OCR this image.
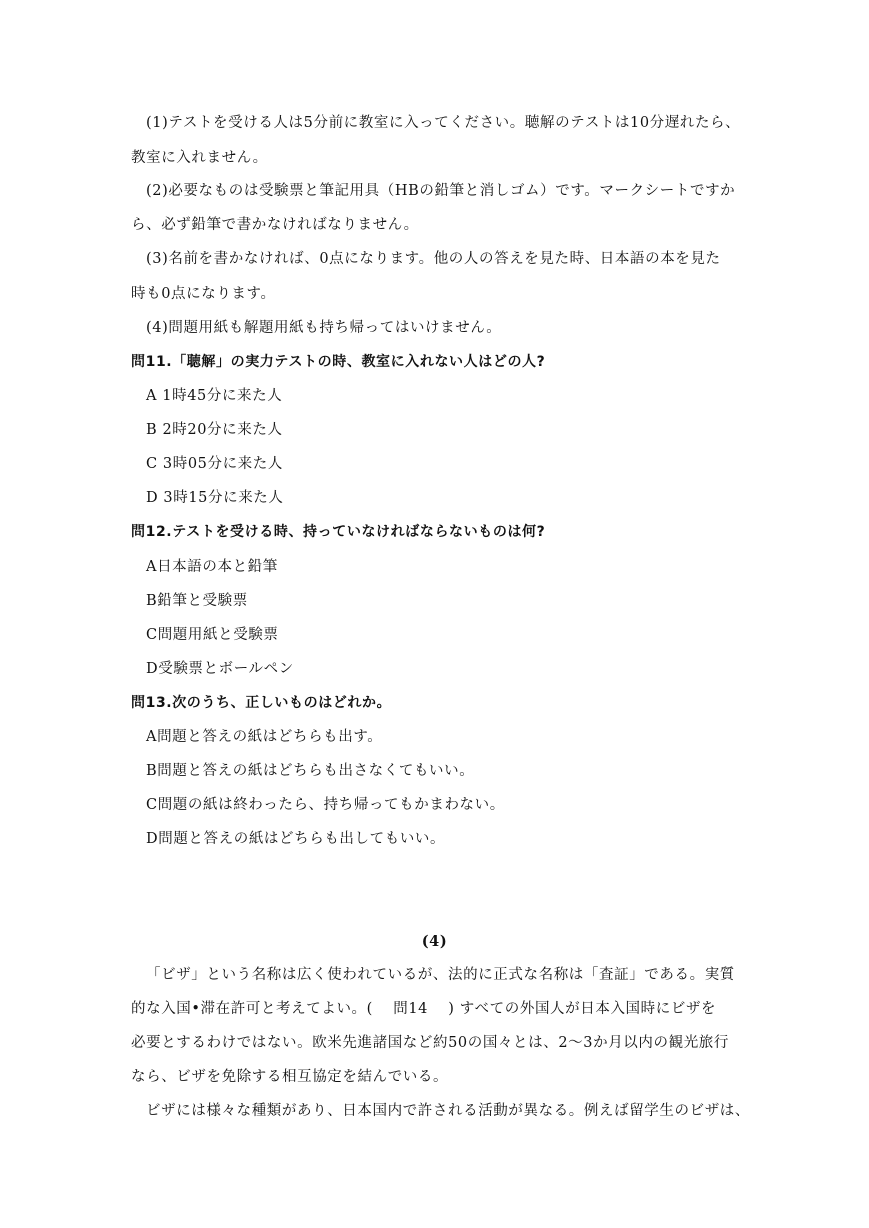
(1)テストを受ける人は5分前に教室に入ってください。聴解のテストは10分遅れたら、
教室に入れません。
(2)必要なものは受験票と筆記用具（HBの鉛筆と消しゴム）です。マークシートですか
ら、必ず鉛筆で書かなければなりません。
(3)名前を書かなければ、0点になります。他の人の答えを見た時、日本語の本を見た
時も0点になります。
(4)問題用紙も解題用紙も持ち帰ってはいけません。
問11.「聴解」の実力テストの時、教室に入れない人はどの人?
A 1時45分に来た人
B 2時20分に来た人
C 3時05分に来た人
D 3時15分に来た人
問12.テストを受ける時、持っていなければならないものは何?
A日本語の本と鉛筆
B鉛筆と受験票
C問題用紙と受験票
D受験票とボールペン
問13.次のうち、正しいものはどれか。
A問題と答えの紙はどちらも出す。
B問題と答えの紙はどちらも出さなくてもいい。
C問題の紙は終わったら、持ち帰ってもかまわない。
D問題と答えの紙はどちらも出してもいい。
(4)
「ビザ」という名称は広く使われているが、法的に正式な名称は「査証」である。実質
的な入国•滞在許可と考えてよい。(　 問14　 ) すべての外国人が日本入国時にビザを
必要とするわけではない。欧米先進諸国など約50の国々とは、2～3か月以内の観光旅行
なら、ビザを免除する相互協定を結んでいる。
ビザには様々な種類があり、日本国内で許される活動が異なる。例えば留学生のビザは、
